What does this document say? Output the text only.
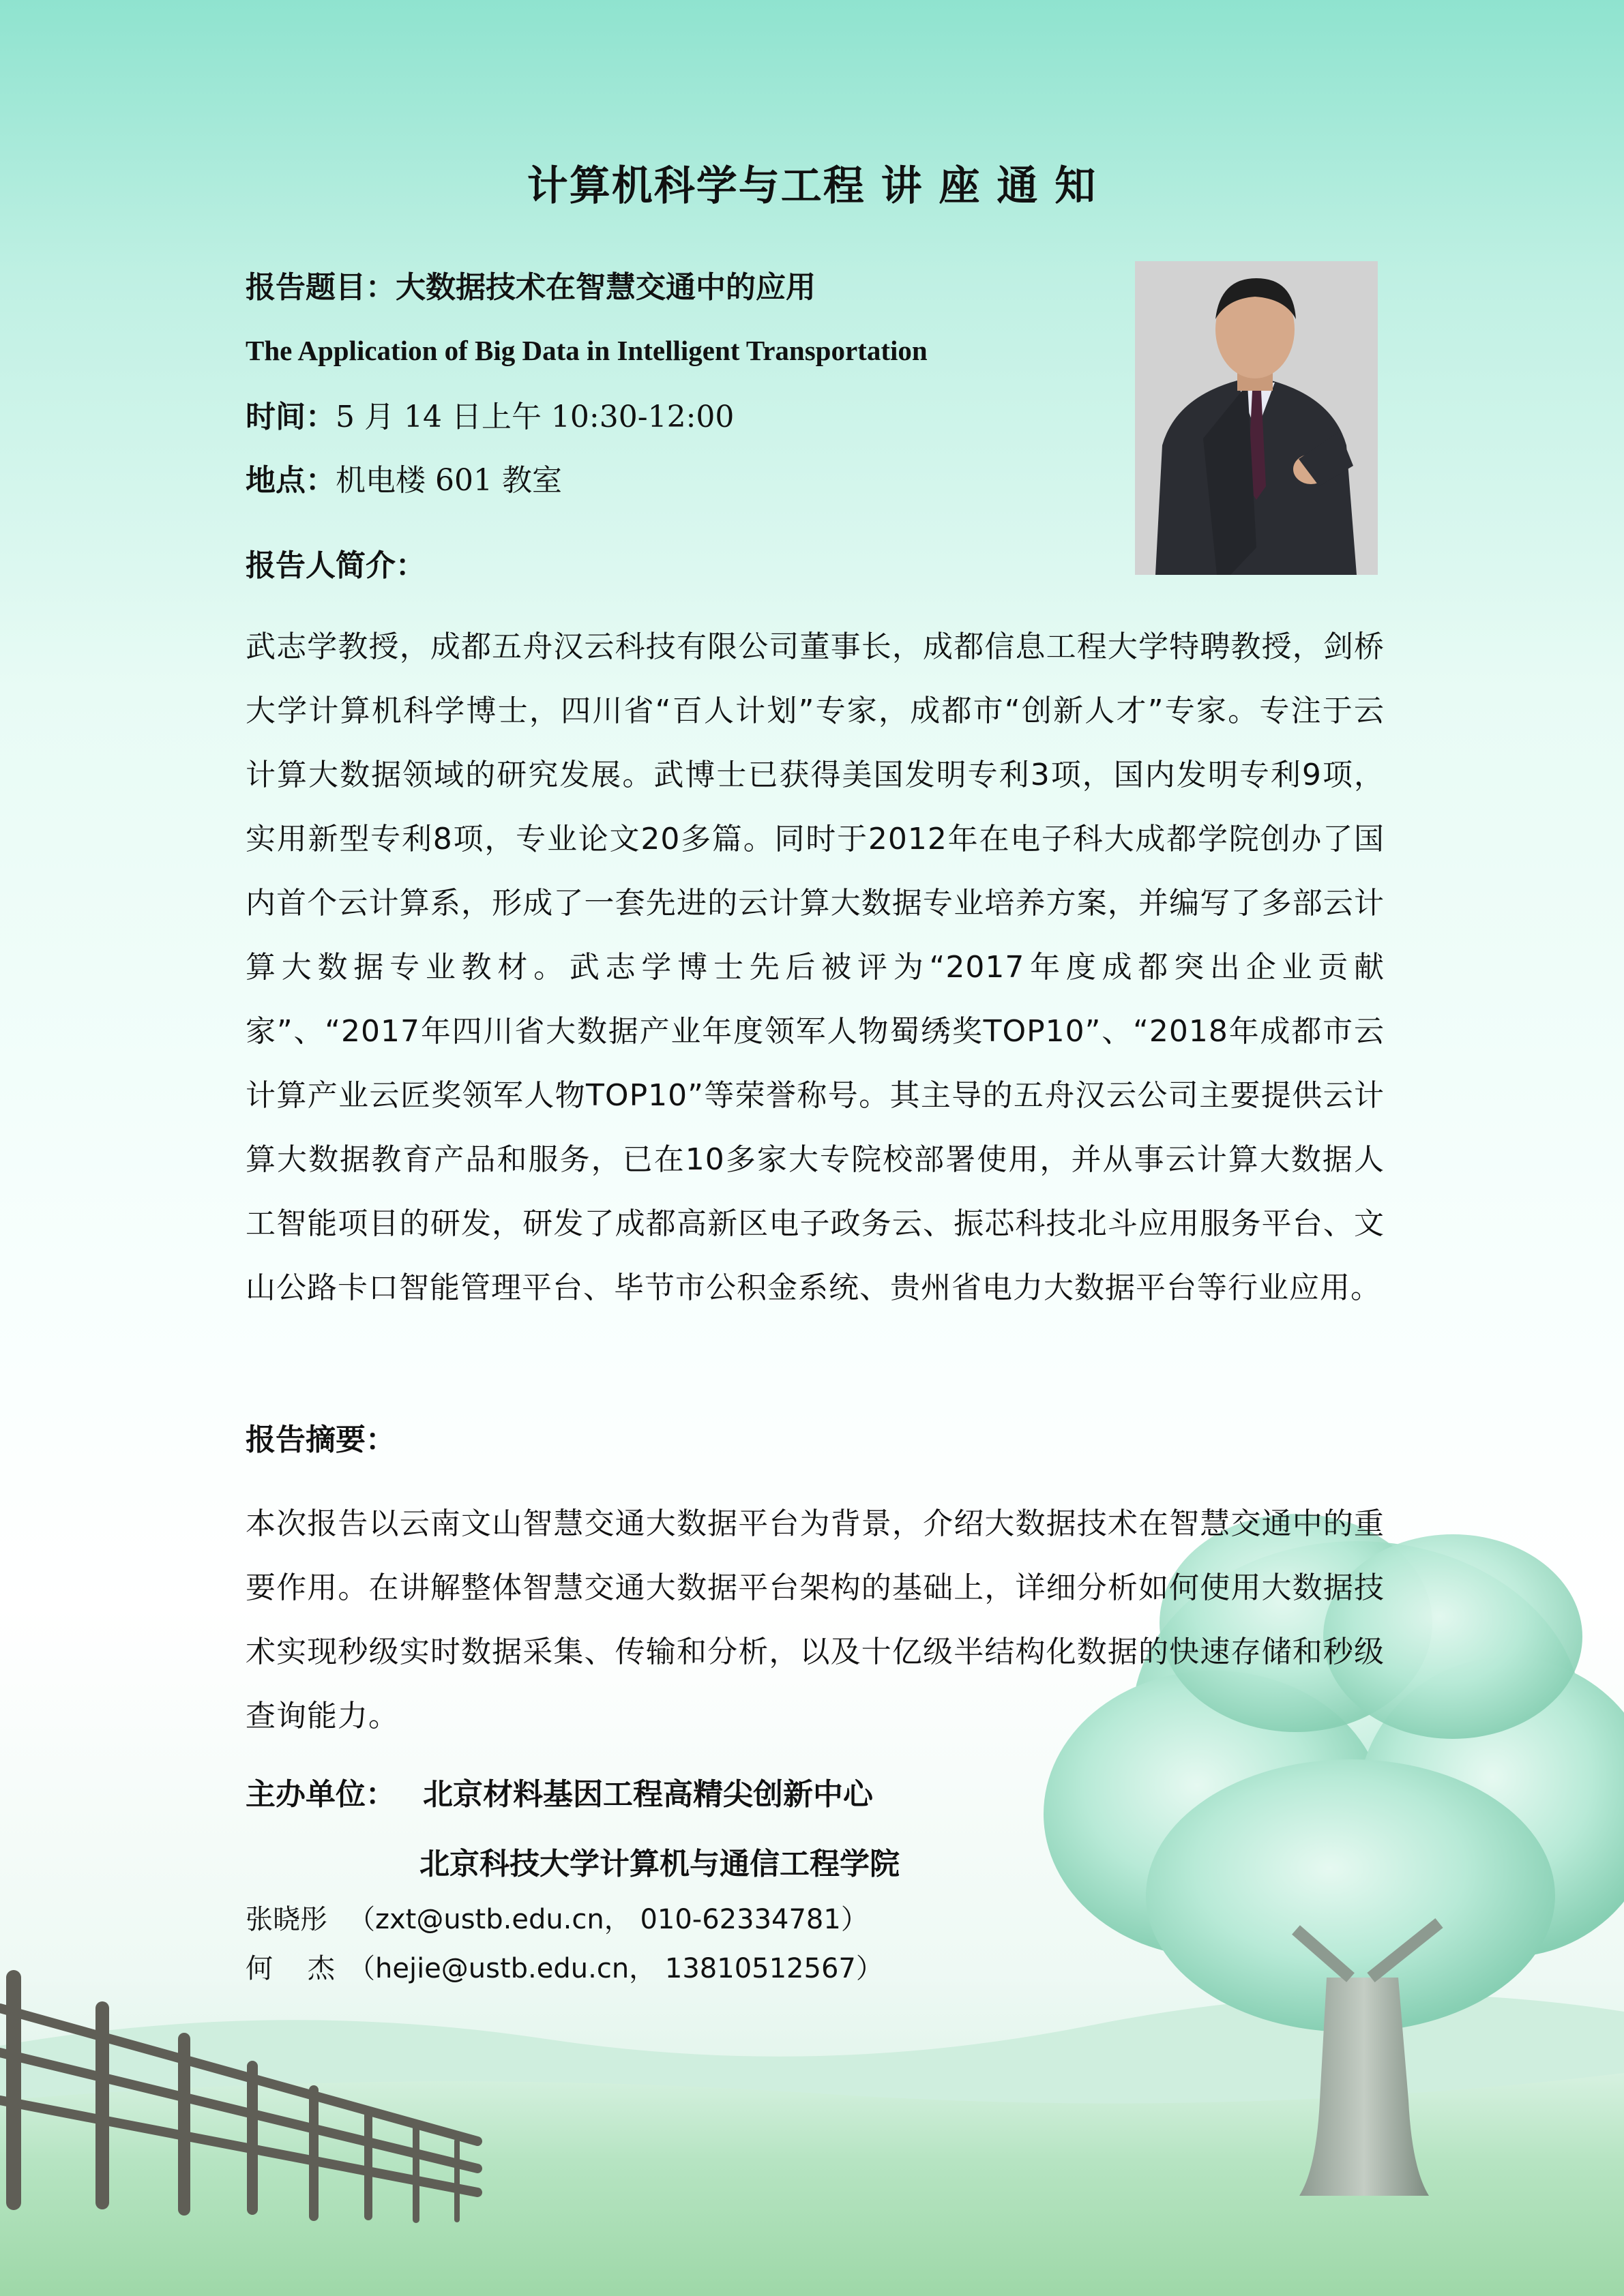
计算机科学与工程 讲 座 通 知
报告题目：大数据技术在智慧交通中的应用
The Application of Big Data in Intelligent Transportation
时间：5 月 14 日上午 10:30-12:00
地点：机电楼 601 教室
报告人简介：
武志学教授，成都五舟汉云科技有限公司董事长，成都信息工程大学特聘教授，剑桥大学计算机科学博士，四川省“百人计划”专家，成都市“创新人才”专家。专注于云计算大数据领域的研究发展。武博士已获得美国发明专利3项，国内发明专利9项，实用新型专利8项，专业论文20多篇。同时于2012年在电子科大成都学院创办了国内首个云计算系，形成了一套先进的云计算大数据专业培养方案，并编写了多部云计算大数据专业教材。武志学博士先后被评为“2017年度成都突出企业贡献家”、“2017年四川省大数据产业年度领军人物蜀绣奖TOP10”、“2018年成都市云计算产业云匠奖领军人物TOP10”等荣誉称号。其主导的五舟汉云公司主要提供云计算大数据教育产品和服务，已在10多家大专院校部署使用，并从事云计算大数据人工智能项目的研发，研发了成都高新区电子政务云、振芯科技北斗应用服务平台、文山公路卡口智能管理平台、毕节市公积金系统、贵州省电力大数据平台等行业应用。
报告摘要：
本次报告以云南文山智慧交通大数据平台为背景，介绍大数据技术在智慧交通中的重要作用。在讲解整体智慧交通大数据平台架构的基础上，详细分析如何使用大数据技术实现秒级实时数据采集、传输和分析，以及十亿级半结构化数据的快速存储和秒级查询能力。
主办单位： 北京材料基因工程高精尖创新中心
北京科技大学计算机与通信工程学院
张晓彤 （zxt@ustb.edu.cn， 010-62334781）
何    杰 （hejie@ustb.edu.cn， 13810512567）
